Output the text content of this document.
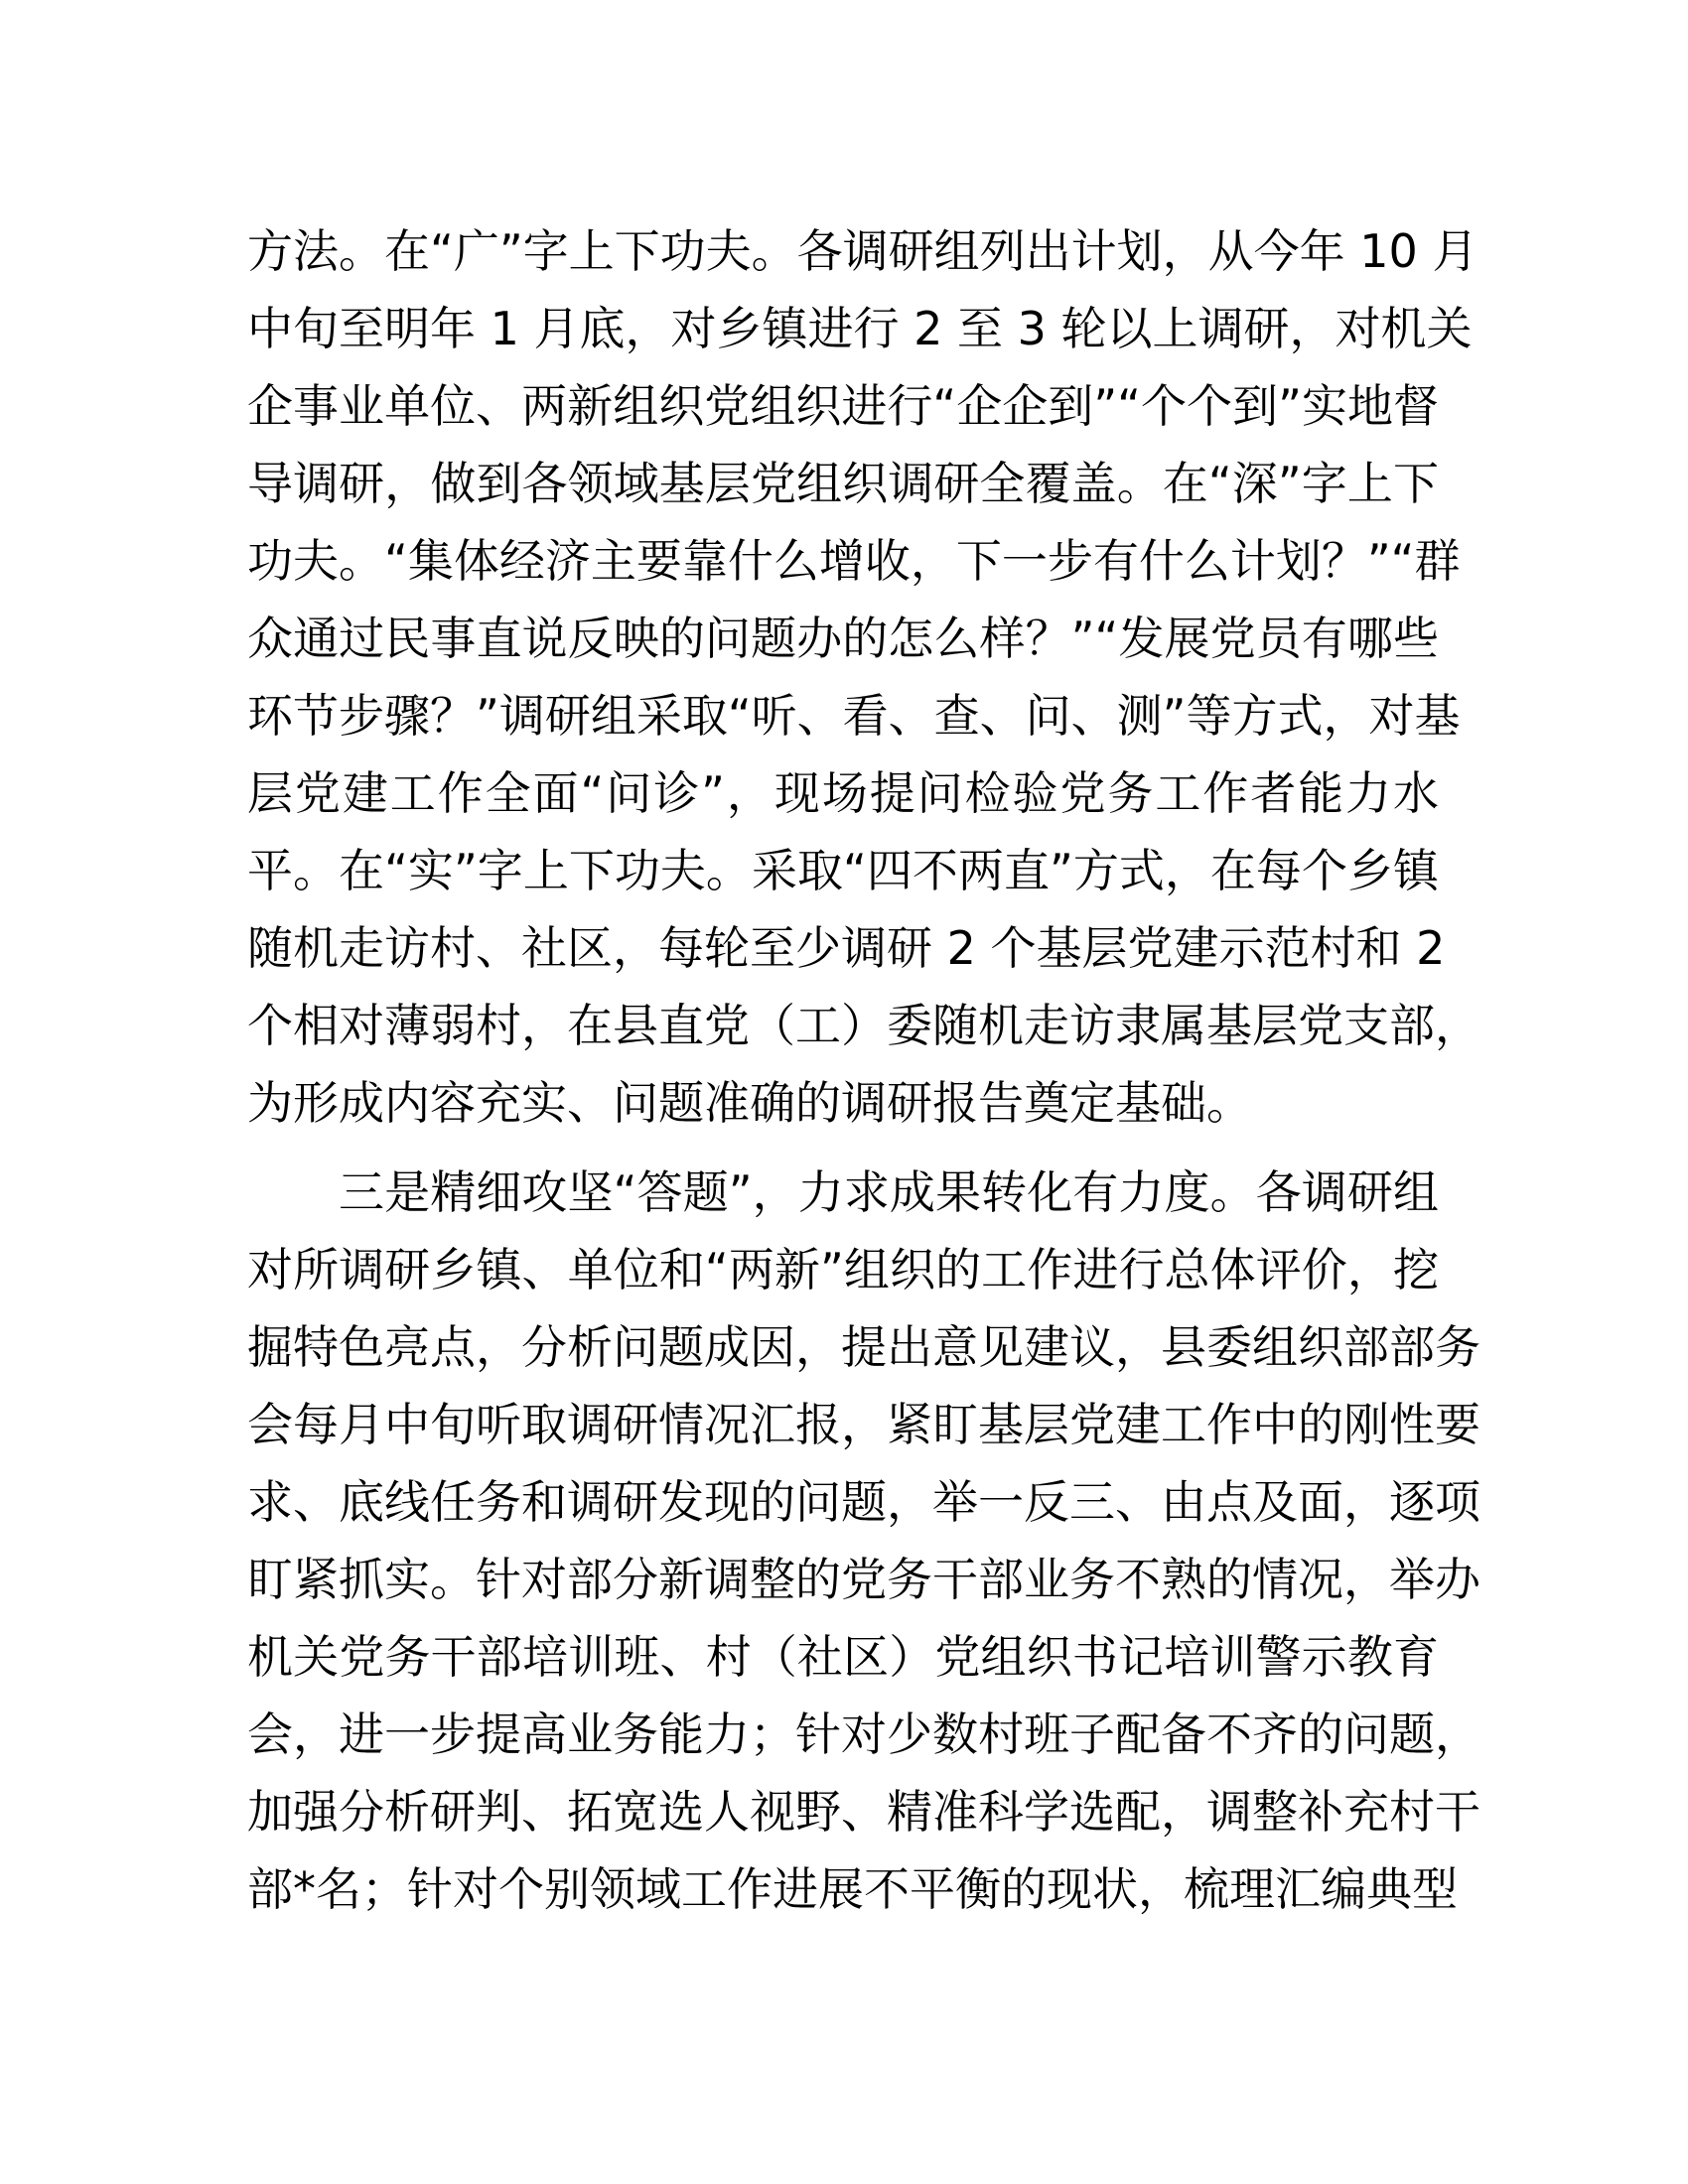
方法。在“广”字上下功夫。各调研组列出计划，从今年 10 月
中旬至明年 1 月底，对乡镇进行 2 至 3 轮以上调研，对机关
企事业单位、两新组织党组织进行“企企到”“个个到”实地督
导调研，做到各领域基层党组织调研全覆盖。在“深”字上下
功夫。“集体经济主要靠什么增收，下一步有什么计划？”“群
众通过民事直说反映的问题办的怎么样？”“发展党员有哪些
环节步骤？”调研组采取“听、看、查、问、测”等方式，对基
层党建工作全面“问诊”，现场提问检验党务工作者能力水
平。在“实”字上下功夫。采取“四不两直”方式，在每个乡镇
随机走访村、社区，每轮至少调研 2 个基层党建示范村和 2
个相对薄弱村，在县直党（工）委随机走访隶属基层党支部，
为形成内容充实、问题准确的调研报告奠定基础。
三是精细攻坚“答题”，力求成果转化有力度。各调研组
对所调研乡镇、单位和“两新”组织的工作进行总体评价，挖
掘特色亮点，分析问题成因，提出意见建议，县委组织部部务
会每月中旬听取调研情况汇报，紧盯基层党建工作中的刚性要
求、底线任务和调研发现的问题，举一反三、由点及面，逐项
盯紧抓实。针对部分新调整的党务干部业务不熟的情况，举办
机关党务干部培训班、村（社区）党组织书记培训警示教育
会，进一步提高业务能力；针对少数村班子配备不齐的问题，
加强分析研判、拓宽选人视野、精准科学选配，调整补充村干
部*名；针对个别领域工作进展不平衡的现状，梳理汇编典型
